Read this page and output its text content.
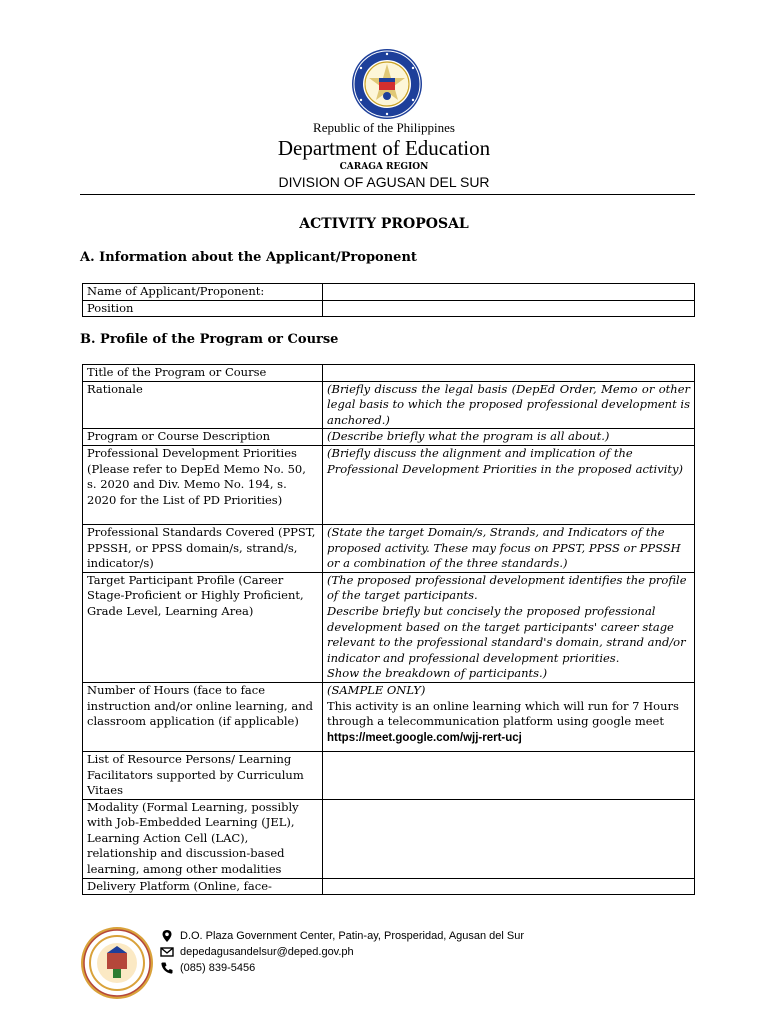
Republic of the Philippines
Department of Education
CARAGA REGION
DIVISION OF AGUSAN DEL SUR
ACTIVITY PROPOSAL
A. Information about the Applicant/Proponent
Name of Applicant/Proponent:	
Position	
B. Profile of the Program or Course
Title of the Program or Course	
Rationale	(Briefly discuss the legal basis (DepEd Order, Memo or other legal basis to which the proposed professional development is anchored.)
Program or Course Description	(Describe briefly what the program is all about.)
Professional Development Priorities (Please refer to DepEd Memo No. 50, s. 2020 and Div. Memo No. 194, s. 2020 for the List of PD Priorities)	(Briefly discuss the alignment and implication of the Professional Development Priorities in the proposed activity)
Professional Standards Covered (PPST, PPSSH, or PPSS domain/s, strand/s, indicator/s)	(State the target Domain/s, Strands, and Indicators of the proposed activity. These may focus on PPST, PPSS or PPSSH or a combination of the three standards.)
Target Participant Profile (Career Stage-Proficient or Highly Proficient, Grade Level, Learning Area)	(The proposed professional development identifies the profile of the target participants.
Describe briefly but concisely the proposed professional development based on the target participants' career stage relevant to the professional standard's domain, strand and/or indicator and professional development priorities.
Show the breakdown of participants.)

Number of Hours (face to face instruction and/or online learning, and classroom application (if applicable)	(SAMPLE ONLY)
This activity is an online learning which will run for 7 Hours through a telecommunication platform using google meet https://meet.google.com/wjj-rert-ucj
List of Resource Persons/ Learning Facilitators supported by Curriculum Vitaes	
Modality (Formal Learning, possibly with Job-Embedded Learning (JEL), Learning Action Cell (LAC), relationship and discussion-based learning, among other modalities	
Delivery Platform (Online, face-	
D.O. Plaza Government Center, Patin-ay, Prosperidad, Agusan del Sur
depedagusandelsur@deped.gov.ph
(085) 839-5456
